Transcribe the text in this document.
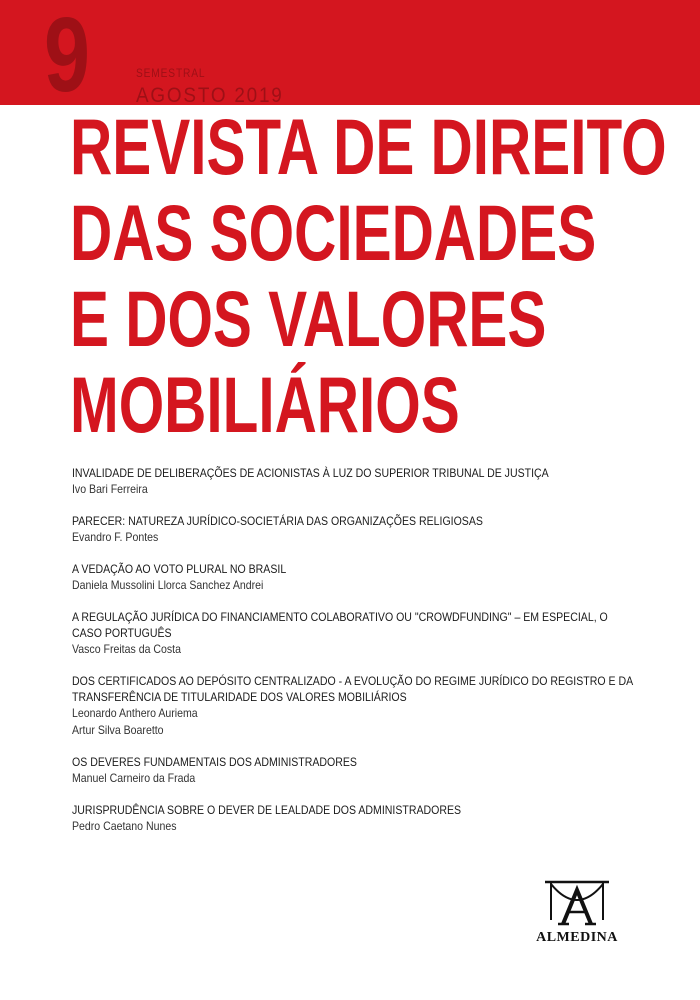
9	SEMESTRAL
AGOSTO 2019
REVISTA DE DIREITO
DAS SOCIEDADES
E DOS VALORES
MOBILIÁRIOS
INVALIDADE DE DELIBERAÇÕES DE ACIONISTAS À LUZ DO SUPERIOR TRIBUNAL DE JUSTIÇA
Ivo Bari Ferreira
PARECER: NATUREZA JURÍDICO-SOCIETÁRIA DAS ORGANIZAÇÕES RELIGIOSAS
Evandro F. Pontes
A VEDAÇÃO AO VOTO PLURAL NO BRASIL
Daniela Mussolini Llorca Sanchez Andrei
A REGULAÇÃO JURÍDICA DO FINANCIAMENTO COLABORATIVO OU "CROWDFUNDING" – EM ESPECIAL, O CASO PORTUGUÊS
Vasco Freitas da Costa
DOS CERTIFICADOS AO DEPÓSITO CENTRALIZADO - A EVOLUÇÃO DO REGIME JURÍDICO DO REGISTRO E DA TRANSFERÊNCIA DE TITULARIDADE DOS VALORES MOBILIÁRIOS
Leonardo Anthero Auriema
Artur Silva Boaretto
OS DEVERES FUNDAMENTAIS DOS ADMINISTRADORES
Manuel Carneiro da Frada
JURISPRUDÊNCIA SOBRE O DEVER DE LEALDADE DOS ADMINISTRADORES
Pedro Caetano Nunes
ALMEDINA
